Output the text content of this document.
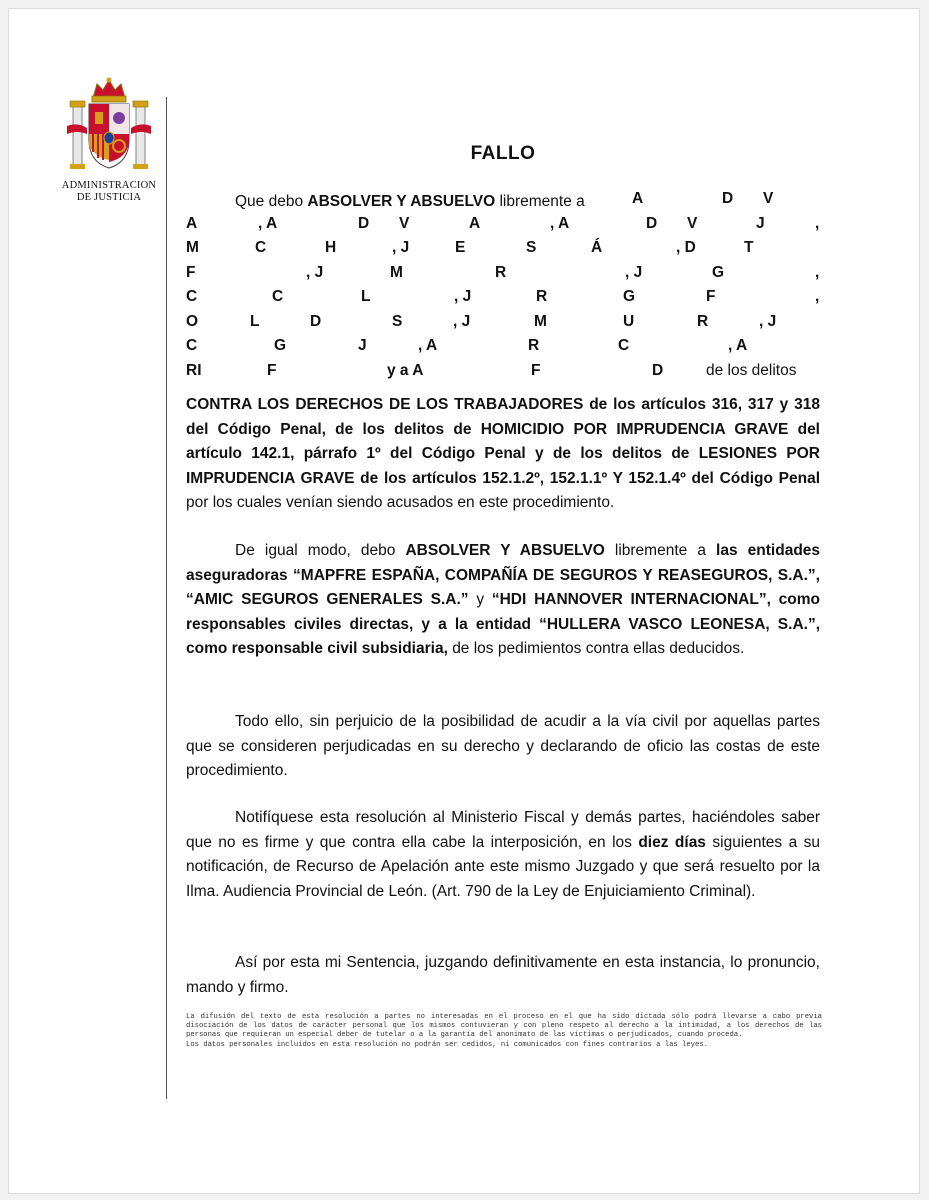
ADMINISTRACION
DE JUSTICIA
FALLO
Que debo ABSOLVER Y ABSUELVO libremente a	A	D V
A	, A	D V	A	, A	D V	J	,
M	C	H	, J	E	S	Á	, D	T
F	, J	M	R	, J	G	,
C	C	L	, J	R	G	F	,
O	L	D	S	, J	M	U	R	, J
C	G	J	, A	R	C	, A
RI	F	y a A	F	D	de los delitos
CONTRA LOS DERECHOS DE LOS TRABAJADORES de los artículos 316, 317 y 318 del Código Penal, de los delitos de HOMICIDIO POR IMPRUDENCIA GRAVE del artículo 142.1, párrafo 1º del Código Penal y de los delitos de LESIONES POR IMPRUDENCIA GRAVE de los artículos 152.1.2º, 152.1.1º Y 152.1.4º del Código Penal por los cuales venían siendo acusados en este procedimiento.
De igual modo, debo ABSOLVER Y ABSUELVO libremente a las entidades aseguradoras “MAPFRE ESPAÑA, COMPAÑÍA DE SEGUROS Y REASEGUROS, S.A.”, “AMIC SEGUROS GENERALES S.A.” y “HDI HANNOVER INTERNACIONAL”, como responsables civiles directas, y a la entidad “HULLERA VASCO LEONESA, S.A.”, como responsable civil subsidiaria, de los pedimientos contra ellas deducidos.
Todo ello, sin perjuicio de la posibilidad de acudir a la vía civil por aquellas partes que se consideren perjudicadas en su derecho y declarando de oficio las costas de este procedimiento.
Notifíquese esta resolución al Ministerio Fiscal y demás partes, haciéndoles saber que no es firme y que contra ella cabe la interposición, en los diez días siguientes a su notificación, de Recurso de Apelación ante este mismo Juzgado y que será resuelto por la Ilma. Audiencia Provincial de León. (Art. 790 de la Ley de Enjuiciamiento Criminal).
Así por esta mi Sentencia, juzgando definitivamente en esta instancia, lo pronuncio, mando y firmo.
La difusión del texto de esta resolución a partes no interesadas en el proceso en el que ha sido dictada sólo podrá llevarse a cabo previa disociación de los datos de carácter personal que los mismos contuvieran y con pleno respeto al derecho a la intimidad, a los derechos de las personas que requieran un especial deber de tutelar o a la garantía del anonimato de las víctimas o perjudicados, cuando proceda.
Los datos personales incluidos en esta resolución no podrán ser cedidos, ni comunicados con fines contrarios a las leyes.
